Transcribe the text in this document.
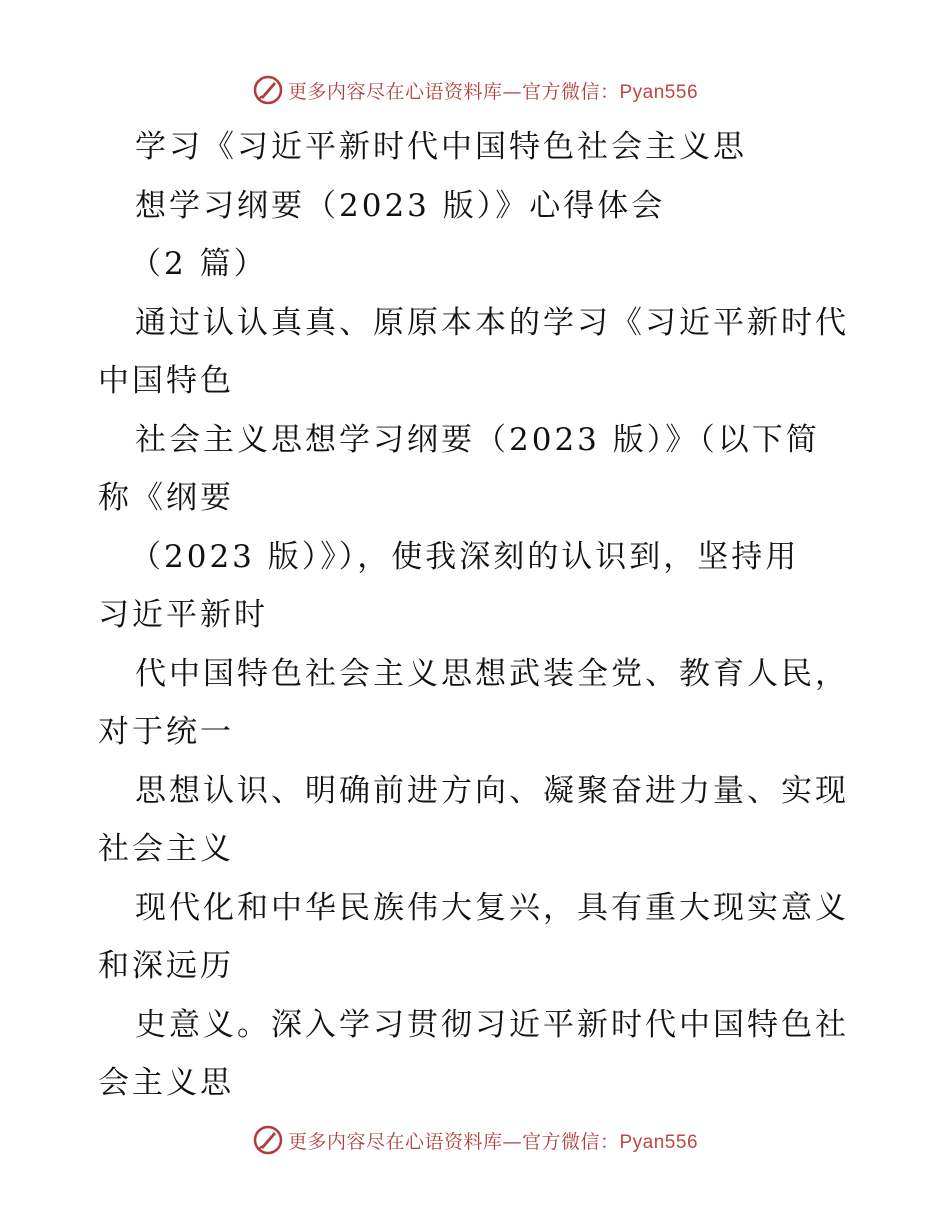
更多内容尽在心语资料库—官方微信：Pyan556
学习《习近平新时代中国特色社会主义思
想学习纲要（2023 版）》心得体会
（2 篇）
通过认认真真、原原本本的学习《习近平新时代
中国特色
社会主义思想学习纲要（2023 版）》（以下简
称《纲要
（2023 版）》），使我深刻的认识到，坚持用
习近平新时
代中国特色社会主义思想武装全党、教育人民，
对于统一
思想认识、明确前进方向、凝聚奋进力量、实现
社会主义
现代化和中华民族伟大复兴，具有重大现实意义
和深远历
史意义。深入学习贯彻习近平新时代中国特色社
会主义思
更多内容尽在心语资料库—官方微信：Pyan556
